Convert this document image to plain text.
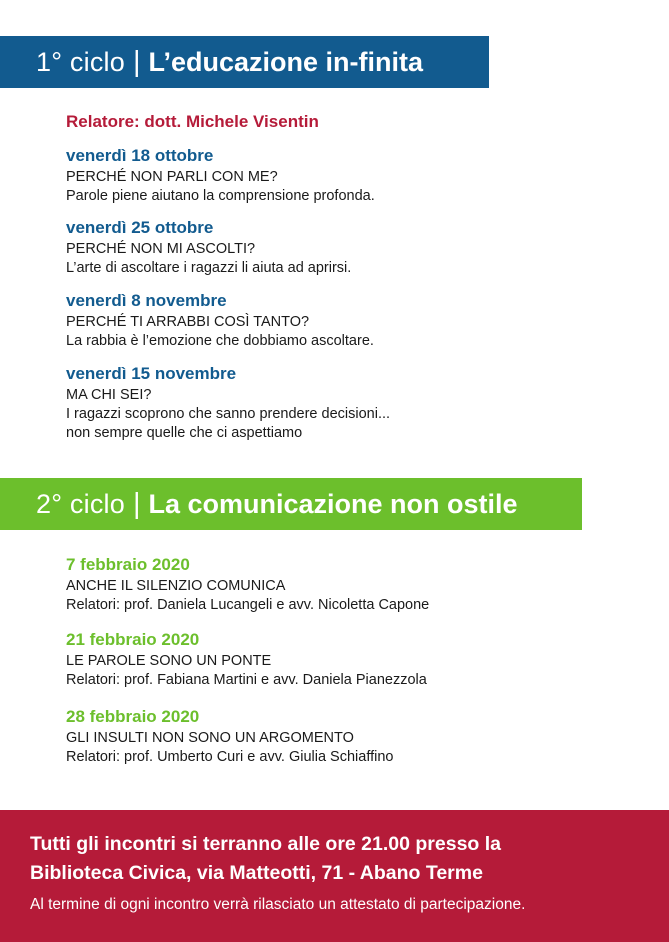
1° ciclo | L’educazione in-finita
Relatore: dott. Michele Visentin
venerdì 18 ottobre
PERCHÉ NON PARLI CON ME?
Parole piene aiutano la comprensione profonda.
venerdì 25 ottobre
PERCHÉ NON MI ASCOLTI?
L’arte di ascoltare i ragazzi li aiuta ad aprirsi.
venerdì 8 novembre
PERCHÉ TI ARRABBI COSÌ TANTO?
La rabbia è l’emozione che dobbiamo ascoltare.
venerdì 15 novembre
MA CHI SEI?
I ragazzi scoprono che sanno prendere decisioni...
non sempre quelle che ci aspettiamo
2° ciclo | La comunicazione non ostile
7 febbraio 2020
ANCHE IL SILENZIO COMUNICA
Relatori: prof. Daniela Lucangeli e avv. Nicoletta Capone
21 febbraio 2020
LE PAROLE SONO UN PONTE
Relatori: prof. Fabiana Martini e avv. Daniela Pianezzola
28 febbraio 2020
GLI INSULTI NON SONO UN ARGOMENTO
Relatori: prof. Umberto Curi e avv. Giulia Schiaffino
Tutti gli incontri si terranno alle ore 21.00 presso la
Biblioteca Civica, via Matteotti, 71 - Abano Terme
Al termine di ogni incontro verrà rilasciato un attestato di partecipazione.
